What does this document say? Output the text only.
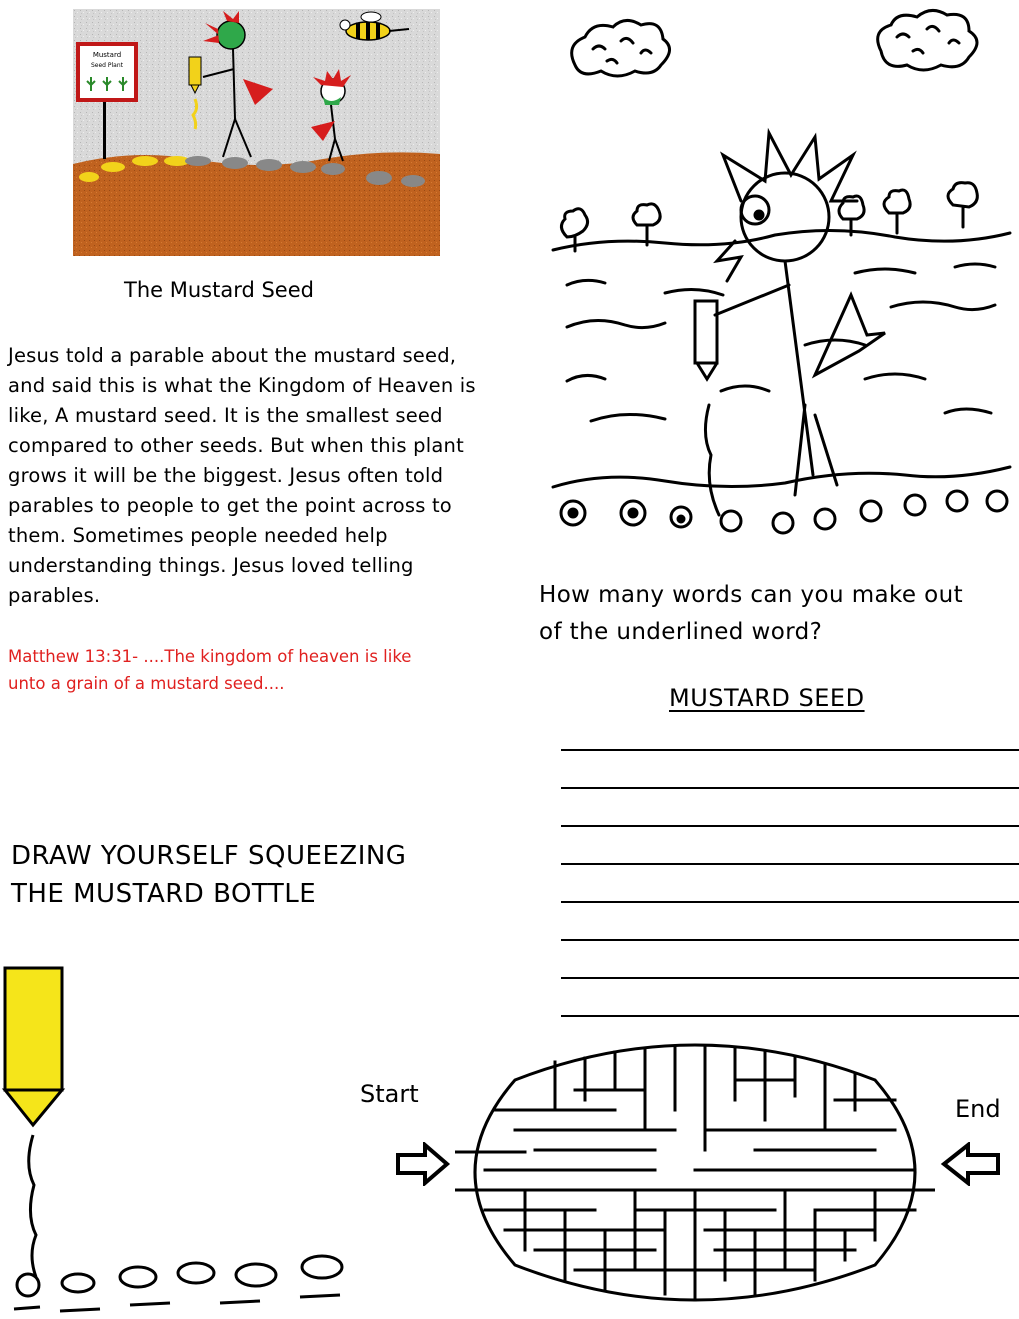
Mustard
Seed Plant
The Mustard Seed
Jesus told a parable about the mustard seed,
and said this is what the Kingdom of Heaven is
like, A mustard seed. It is the smallest seed
compared to other seeds. But when this plant
grows it will be the biggest. Jesus often told
parables to people to get the point across to
them. Sometimes people needed help
understanding things. Jesus loved telling
parables.
Matthew 13:31- ....The kingdom of heaven is like
unto a grain of a mustard seed....
How many words can you make out
of the underlined word?
MUSTARD SEED
DRAW YOURSELF SQUEEZING
THE MUSTARD BOTTLE
Start
End
